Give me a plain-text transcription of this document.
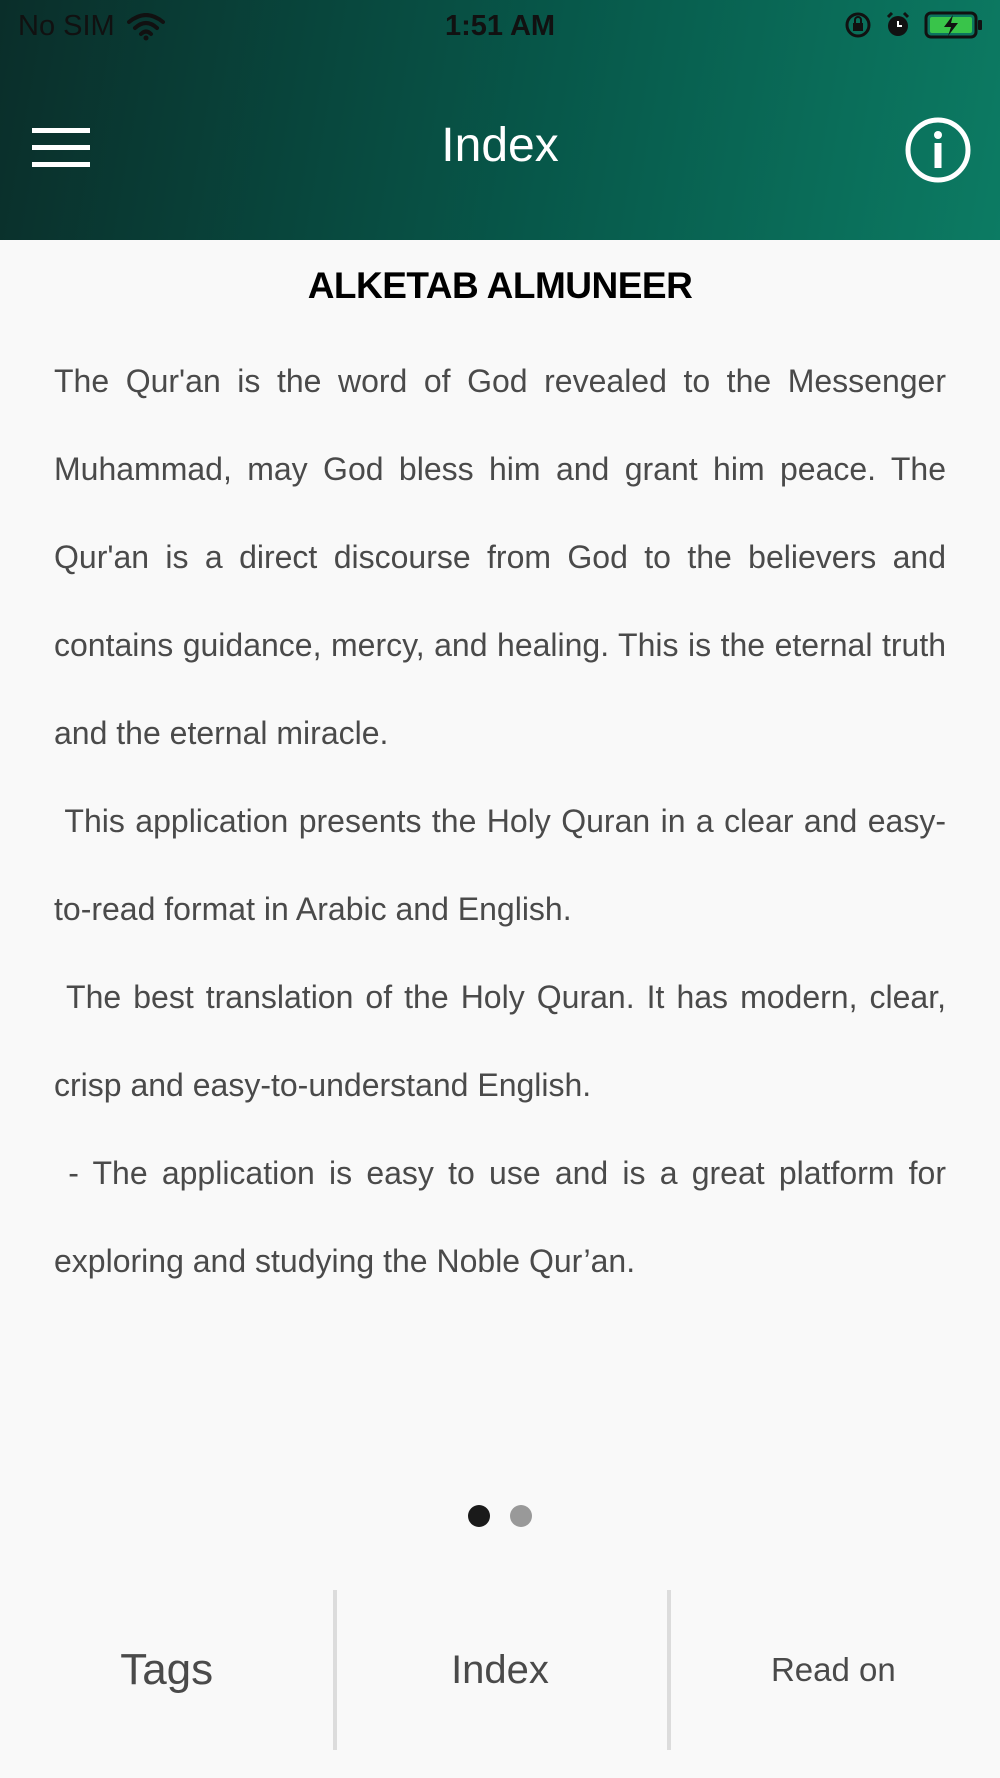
No SIM	1:51 AM
Index
ALKETAB ALMUNEER

The Qur'an is the word of God revealed to the Messenger Muhammad, may God bless him and grant him peace. The Qur'an is a direct discourse from God to the believers and contains guidance, mercy, and healing. This is the eternal truth and the eternal miracle.

This application presents the Holy Quran in a clear and easy-to-read format in Arabic and English.

The best translation of the Holy Quran. It has modern, clear, crisp and easy-to-understand English.

- The application is easy to use and is a great platform for exploring and studying the Noble Qur’an.

Tags	Index	Read on
